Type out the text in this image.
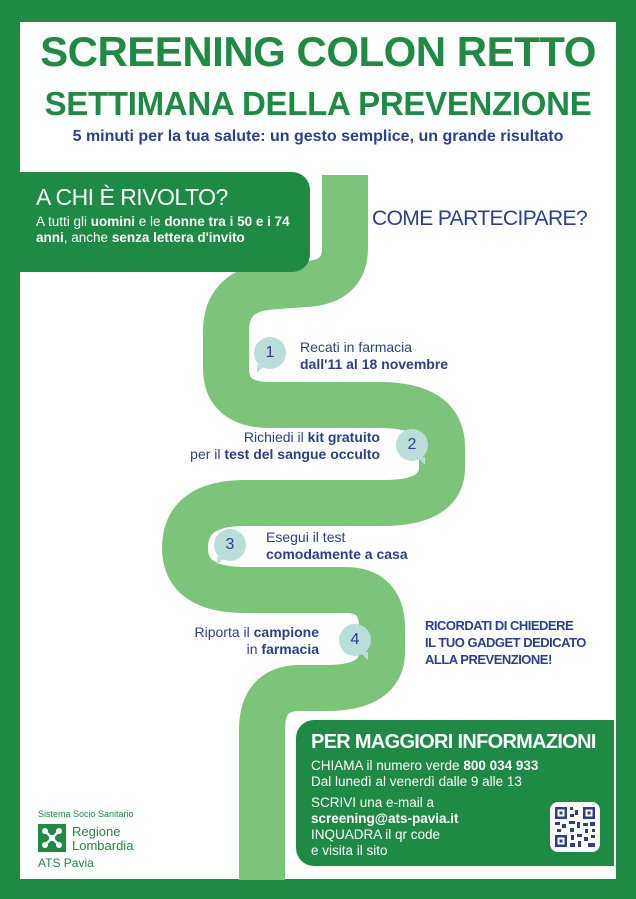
SCREENING COLON RETTO
SETTIMANA DELLA PREVENZIONE
5 minuti per la tua salute: un gesto semplice, un grande risultato
A CHI È RIVOLTO?
A tutti gli uomini e le donne tra i 50 e i 74 anni, anche senza lettera d'invito
COME PARTECIPARE?
1	Recati in farmacia
dall'11 al 18 novembre
2
Richiedi il kit gratuito
per il test del sangue occulto
3	Esegui il test
comodamente a casa
4
Riporta il campione
in farmacia
RICORDATI DI CHIEDERE
IL TUO GADGET DEDICATO
ALLA PREVENZIONE!
PER MAGGIORI INFORMAZIONI
CHIAMA il numero verde 800 034 933
Dal lunedì al venerdì dalle 9 alle 13
SCRIVI una e-mail a
screening@ats-pavia.it
INQUADRA il qr code
e visita il sito
Sistema Socio Sanitario
Regione
Lombardia
ATS Pavia
